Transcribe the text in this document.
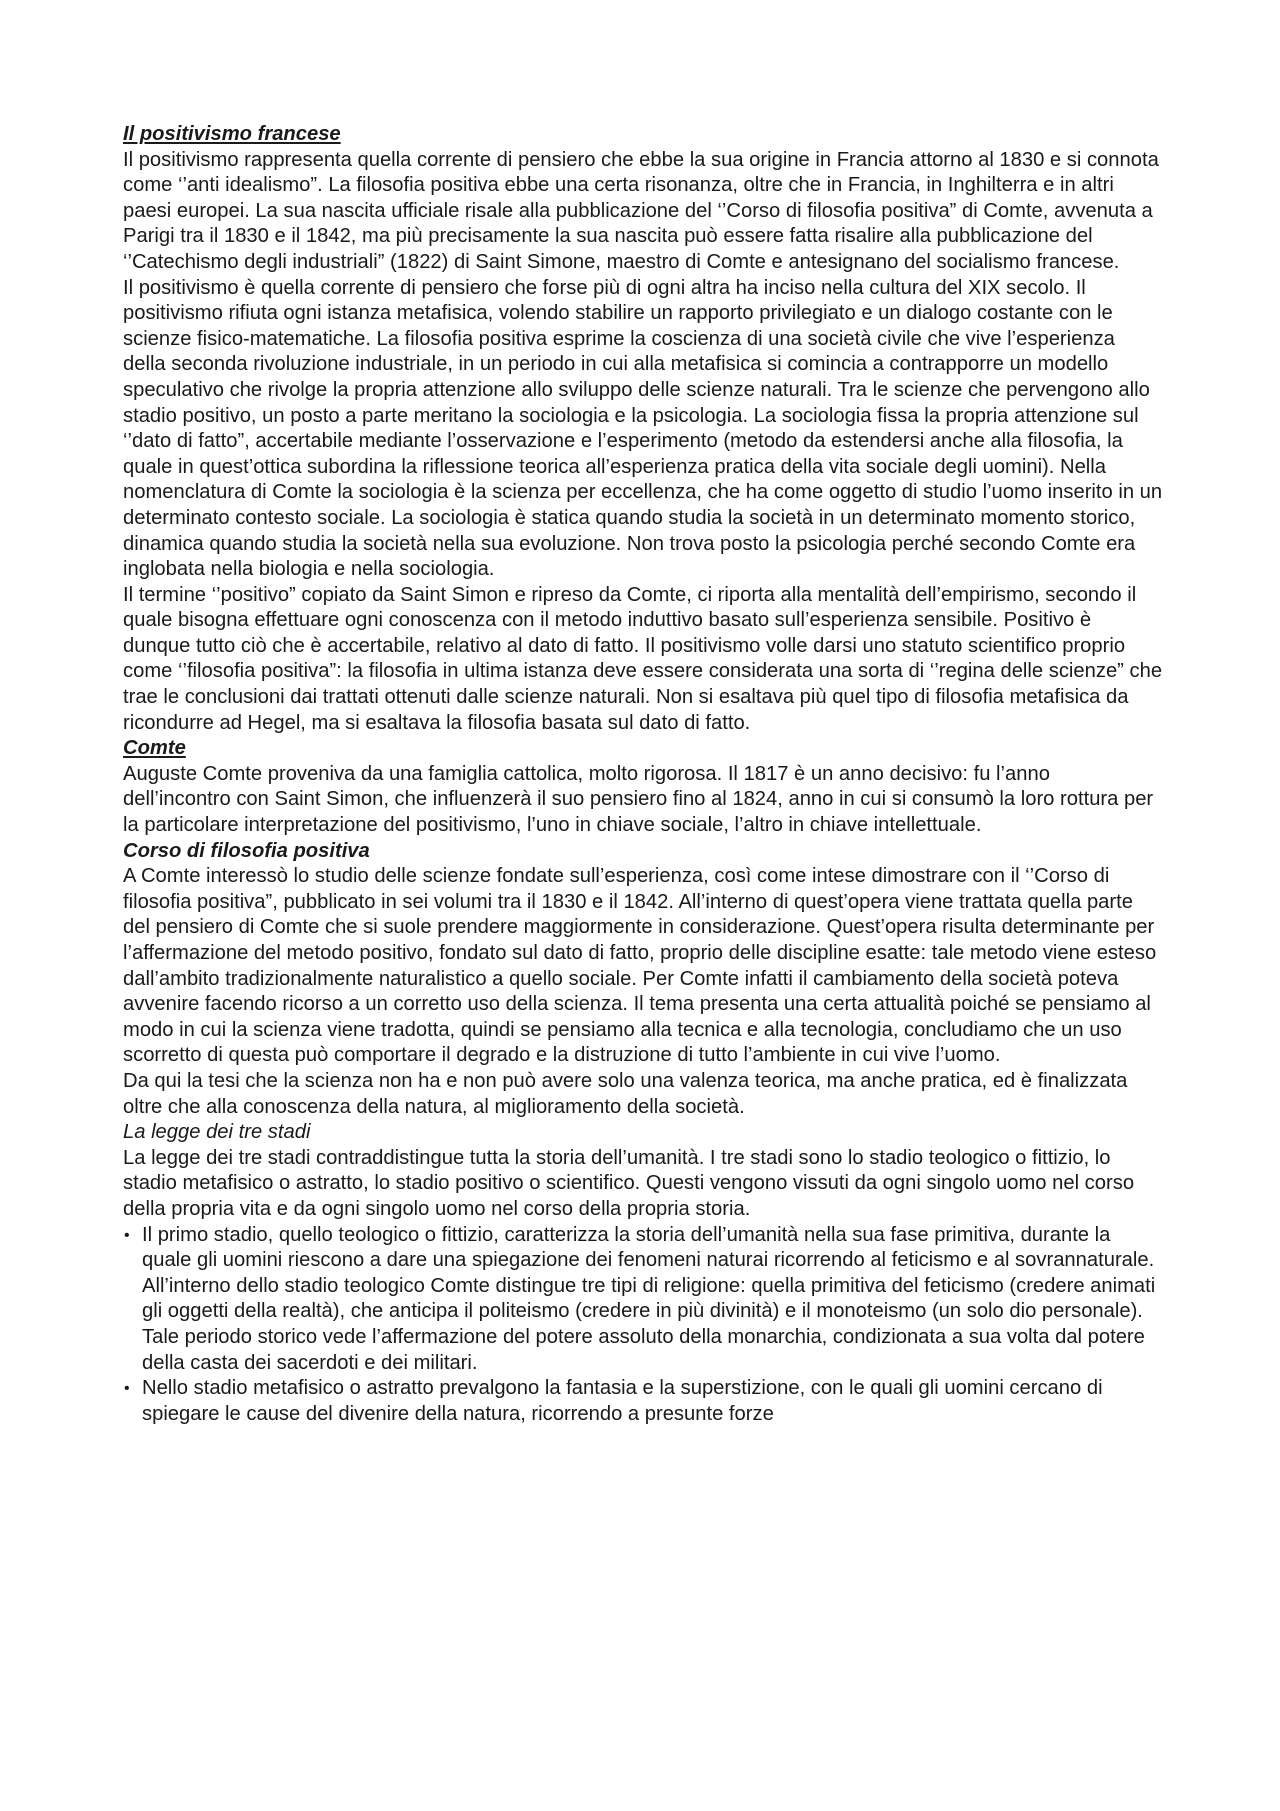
Il positivismo francese

Il positivismo rappresenta quella corrente di pensiero che ebbe la sua origine in Francia attorno al 1830 e si connota come ‘’anti idealismo”. La filosofia positiva ebbe una certa risonanza, oltre che in Francia, in Inghilterra e in altri paesi europei. La sua nascita ufficiale risale alla pubblicazione del ‘’Corso di filosofia positiva” di Comte, avvenuta a Parigi tra il 1830 e il 1842, ma più precisamente la sua nascita può essere fatta risalire alla pubblicazione del ‘’Catechismo degli industriali” (1822) di Saint Simone, maestro di Comte e antesignano del socialismo francese.

Il positivismo è quella corrente di pensiero che forse più di ogni altra ha inciso nella cultura del XIX secolo. Il positivismo rifiuta ogni istanza metafisica, volendo stabilire un rapporto privilegiato e un dialogo costante con le scienze fisico-matematiche. La filosofia positiva esprime la coscienza di una società civile che vive l’esperienza della seconda rivoluzione industriale, in un periodo in cui alla metafisica si comincia a contrapporre un modello speculativo che rivolge la propria attenzione allo sviluppo delle scienze naturali. Tra le scienze che pervengono allo stadio positivo, un posto a parte meritano la sociologia e la psicologia. La sociologia fissa la propria attenzione sul ‘’dato di fatto”, accertabile mediante l’osservazione e l’esperimento (metodo da estendersi anche alla filosofia, la quale in quest’ottica subordina la riflessione teorica all’esperienza pratica della vita sociale degli uomini). Nella nomenclatura di Comte la sociologia è la scienza per eccellenza, che ha come oggetto di studio l’uomo inserito in un determinato contesto sociale. La sociologia è statica quando studia la società in un determinato momento storico, dinamica quando studia la società nella sua evoluzione. Non trova posto la psicologia perché secondo Comte era inglobata nella biologia e nella sociologia.

Il termine ‘’positivo” copiato da Saint Simon e ripreso da Comte, ci riporta alla mentalità dell’empirismo, secondo il quale bisogna effettuare ogni conoscenza con il metodo induttivo basato sull’esperienza sensibile. Positivo è dunque tutto ciò che è accertabile, relativo al dato di fatto. Il positivismo volle darsi uno statuto scientifico proprio come ‘’filosofia positiva”: la filosofia in ultima istanza deve essere considerata una sorta di ‘’regina delle scienze” che trae le conclusioni dai trattati ottenuti dalle scienze naturali. Non si esaltava più quel tipo di filosofia metafisica da ricondurre ad Hegel, ma si esaltava la filosofia basata sul dato di fatto.

Comte

Auguste Comte proveniva da una famiglia cattolica, molto rigorosa. Il 1817 è un anno decisivo: fu l’anno dell’incontro con Saint Simon, che influenzerà il suo pensiero fino al 1824, anno in cui si consumò la loro rottura per la particolare interpretazione del positivismo, l’uno in chiave sociale, l’altro in chiave intellettuale.

Corso di filosofia positiva

A Comte interessò lo studio delle scienze fondate sull’esperienza, così come intese dimostrare con il ‘’Corso di filosofia positiva”, pubblicato in sei volumi tra il 1830 e il 1842. All’interno di quest’opera viene trattata quella parte del pensiero di Comte che si suole prendere maggiormente in considerazione. Quest’opera risulta determinante per l’affermazione del metodo positivo, fondato sul dato di fatto, proprio delle discipline esatte: tale metodo viene esteso dall’ambito tradizionalmente naturalistico a quello sociale. Per Comte infatti il cambiamento della società poteva avvenire facendo ricorso a un corretto uso della scienza. Il tema presenta una certa attualità poiché se pensiamo al modo in cui la scienza viene tradotta, quindi se pensiamo alla tecnica e alla tecnologia, concludiamo che un uso scorretto di questa può comportare il degrado e la distruzione di tutto l’ambiente in cui vive l’uomo.

Da qui la tesi che la scienza non ha e non può avere solo una valenza teorica, ma anche pratica, ed è finalizzata oltre che alla conoscenza della natura, al miglioramento della società.

La legge dei tre stadi

La legge dei tre stadi contraddistingue tutta la storia dell’umanità. I tre stadi sono lo stadio teologico o fittizio, lo stadio metafisico o astratto, lo stadio positivo o scientifico. Questi vengono vissuti da ogni singolo uomo nel corso della propria vita e da ogni singolo uomo nel corso della propria storia.

• Il primo stadio, quello teologico o fittizio, caratterizza la storia dell’umanità nella sua fase primitiva, durante la quale gli uomini riescono a dare una spiegazione dei fenomeni naturai ricorrendo al feticismo e al sovrannaturale. All’interno dello stadio teologico Comte distingue tre tipi di religione: quella primitiva del feticismo (credere animati gli oggetti della realtà), che anticipa il politeismo (credere in più divinità) e il monoteismo (un solo dio personale). Tale periodo storico vede l’affermazione del potere assoluto della monarchia, condizionata a sua volta dal potere della casta dei sacerdoti e dei militari.
• Nello stadio metafisico o astratto prevalgono la fantasia e la superstizione, con le quali gli uomini cercano di spiegare le cause del divenire della natura, ricorrendo a presunte forze
